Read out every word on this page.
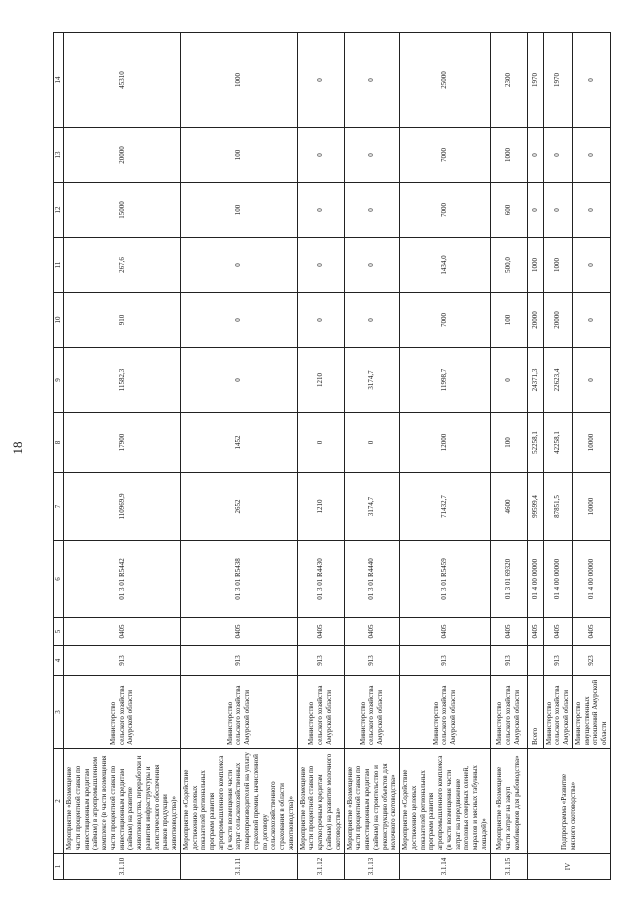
18
1	2	3	4	5	6	7	8	9	10	11	12	13	14
3.1.10	Мероприятие «Возмещение части процентной ставки по инвестиционным кредитам (займам) в агропромышленном комплексе (в части возмещения части процентной ставки по инвестиционным кредитам (займам) на развитие животноводства, переработки и развития инфраструктуры и логистического обеспечения рынков продукции животноводства)»	Министерство сельского хозяйства Амурской области	913	0405	01 3 01 R5442	110969,9	17900	11582,3	910	267,6	15000	20000	45310
3.1.11	Мероприятие «Содействие достижению целевых показателей региональных программ развития агропромышленного комплекса (в части возмещения части затрат сельскохозяйственных товаропроизводителей на уплату страховой премии, начисленной по договору сельскохозяйственного страхования в области животноводства)»	Министерство сельского хозяйства Амурской области	913	0405	01 3 01 R5438	2652	1452	0	0	0	100	100	1000
3.1.12	Мероприятие «Возмещение части процентной ставки по краткосрочным кредитам (займам) на развитие молочного скотоводства»	Министерство сельского хозяйства Амурской области	913	0405	01 3 01 R4430	1210	0	1210	0	0	0	0	0
3.1.13	Мероприятие «Возмещение части процентной ставки по инвестиционным кредитам (займам) на строительство и реконструкцию объектов для молочного скотоводства»	Министерство сельского хозяйства Амурской области	913	0405	01 3 01 R4440	3174,7	0	3174,7	0	0	0	0	0
3.1.14	Мероприятие «Содействие достижению целевых показателей региональных программ развития агропромышленного комплекса (в части возмещения части затрат на передвижение поголовья северных оленей, маралов и мясных табунных лошадей)»	Министерство сельского хозяйства Амурской области	913	0405	01 3 01 R5459	71432,7	12000	11998,7	7000	1434,0	7000	7000	25000
3.1.15	Мероприятие «Возмещение части затрат на закуп комбикормов для рыбоводства»	Министерство сельского хозяйства Амурской области	913	0405	01 3 01 69320	4600	100	0	100	500,0	600	1000	2300
IV	Подпрограмма «Развитие мясного скотоводства»	Всего		0405	01 4 00 00000	99599,4	52258,1	24371,3	20000	1000	0	0	1970
		Министерство сельского хозяйства Амурской области	913	0405	01 4 00 00000	87851,5	42258,1	22623,4	20000	1000	0	0	1970
		Министерство имущественных отношений Амурской области	923	0405	01 4 00 00000	10000	10000	0	0	0	0	0	0
